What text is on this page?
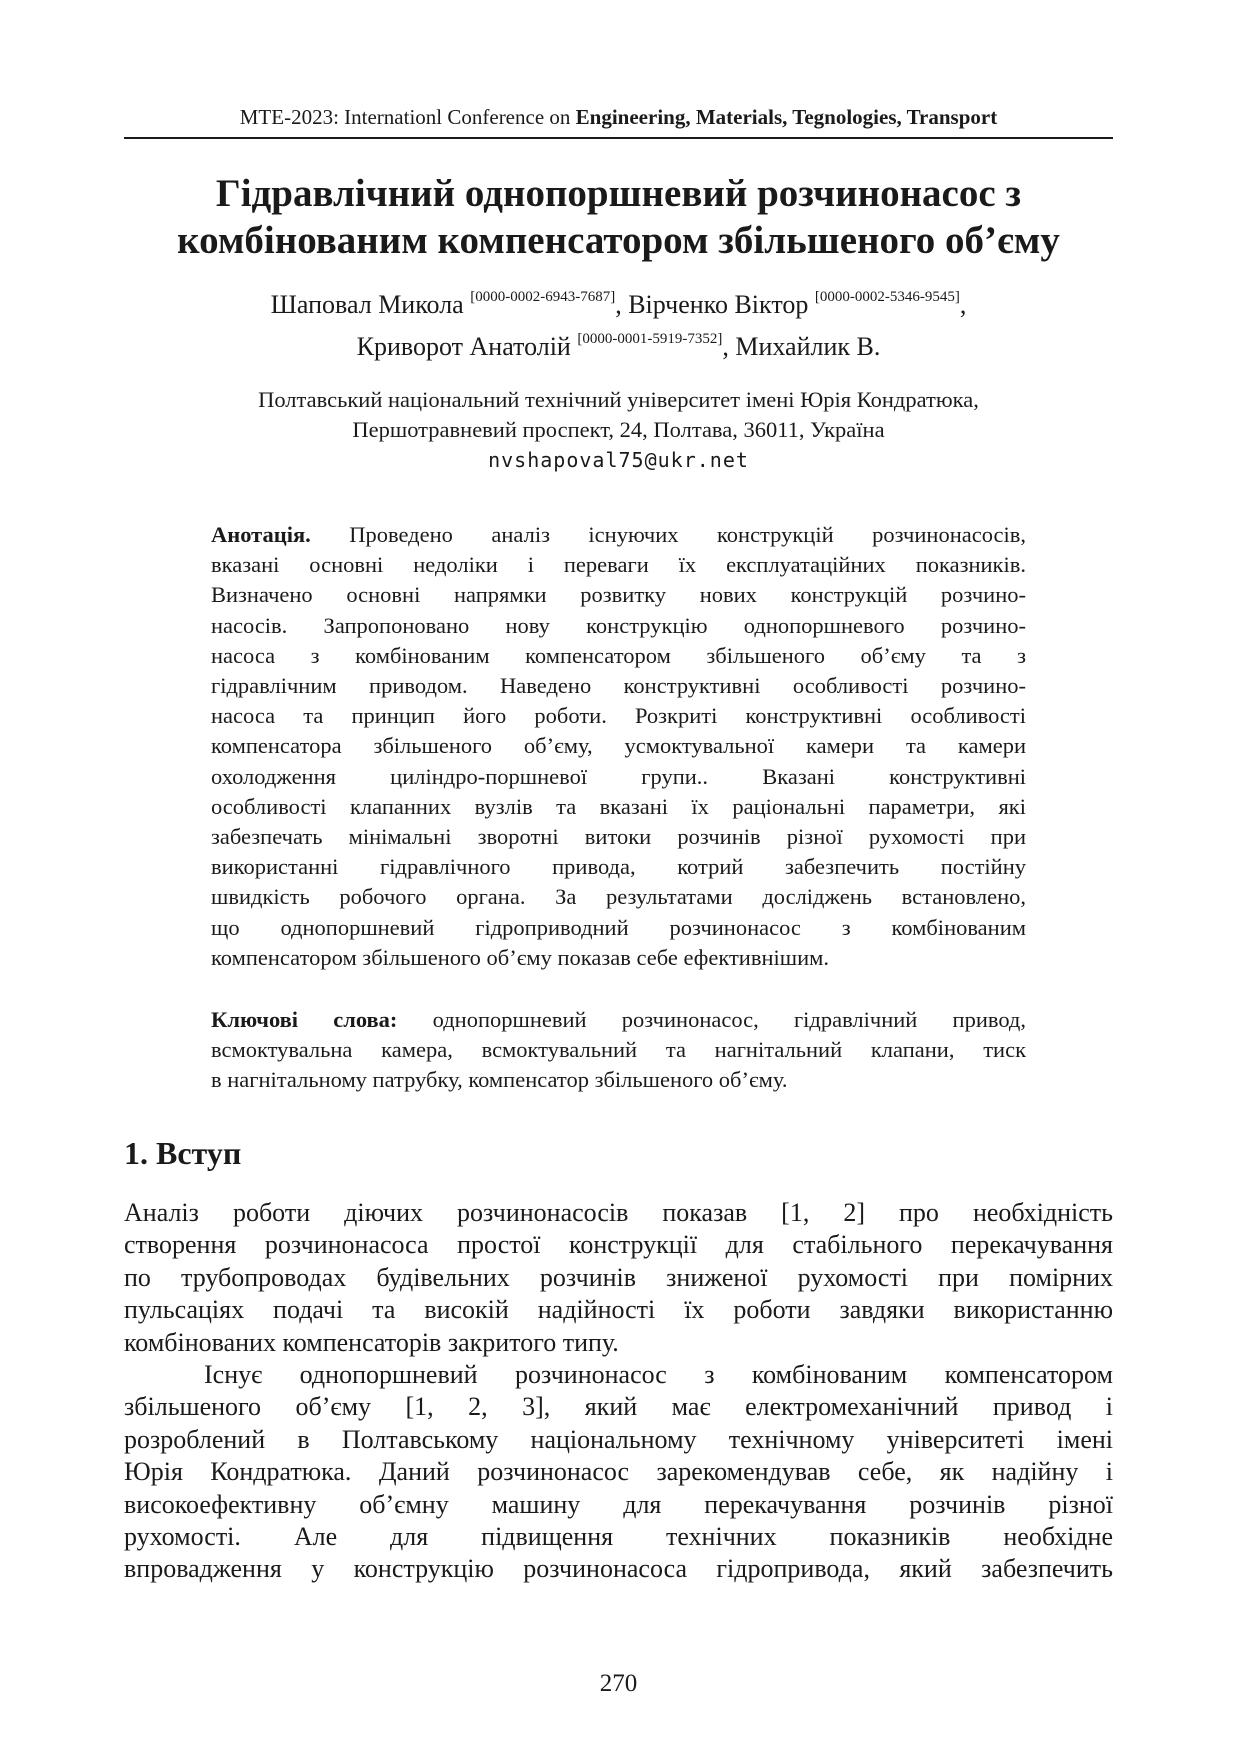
MTE-2023: Internationl Conference on Engineering, Materials, Tegnologies, Transport
Гідравлічний однопоршневий розчинонасос з
комбінованим компенсатором збільшеного об’єму
Шаповал Микола [0000-0002-6943-7687], Вірченко Віктор [0000-0002-5346-9545],
Криворот Анатолій [0000-0001-5919-7352], Михайлик В.
Полтавський національний технічний університет імені Юрія Кондратюка,
Першотравневий проспект, 24, Полтава, 36011, Україна
nvshapoval75@ukr.net
Анотація. Проведено аналіз існуючих конструкцій розчинонасосів,
вказані основні недоліки і переваги їх експлуатаційних показників.
Визначено основні напрямки розвитку нових конструкцій розчино-
насосів. Запропоновано нову конструкцію однопоршневого розчино-
насоса з комбінованим компенсатором збільшеного об’єму та з
гідравлічним приводом. Наведено конструктивні особливості розчино-
насоса та принцип його роботи. Розкриті конструктивні особливості
компенсатора збільшеного об’єму, усмоктувальної камери та камери
охолодження циліндро-поршневої групи.. Вказані конструктивні
особливості клапанних вузлів та вказані їх раціональні параметри, які
забезпечать мінімальні зворотні витоки розчинів різної рухомості при
використанні гідравлічного привода, котрий забезпечить постійну
швидкість робочого органа. За результатами досліджень встановлено,
що однопоршневий гідроприводний розчинонасос з комбінованим
компенсатором збільшеного об’єму показав себе ефективнішим.
Ключові слова: однопоршневий розчинонасос, гідравлічний привод,
всмоктувальна камера, всмоктувальний та нагнітальний клапани, тиск
в нагнітальному патрубку, компенсатор збільшеного об’єму.
1. Вступ
Аналіз роботи діючих розчинонасосів показав [1, 2] про необхідність
створення розчинонасоса простої конструкції для стабільного перекачування
по трубопроводах будівельних розчинів зниженої рухомості при помірних
пульсаціях подачі та високій надійності їх роботи завдяки використанню
комбінованих компенсаторів закритого типу.
Існує однопоршневий розчинонасос з комбінованим компенсатором
збільшеного об’єму [1, 2, 3], який має електромеханічний привод і
розроблений в Полтавському національному технічному університеті імені
Юрія Кондратюка. Даний розчинонасос зарекомендував себе, як надійну і
високоефективну об’ємну машину для перекачування розчинів різної
рухомості. Але для підвищення технічних показників необхідне
впровадження у конструкцію розчинонасоса гідропривода, який забезпечить
270
